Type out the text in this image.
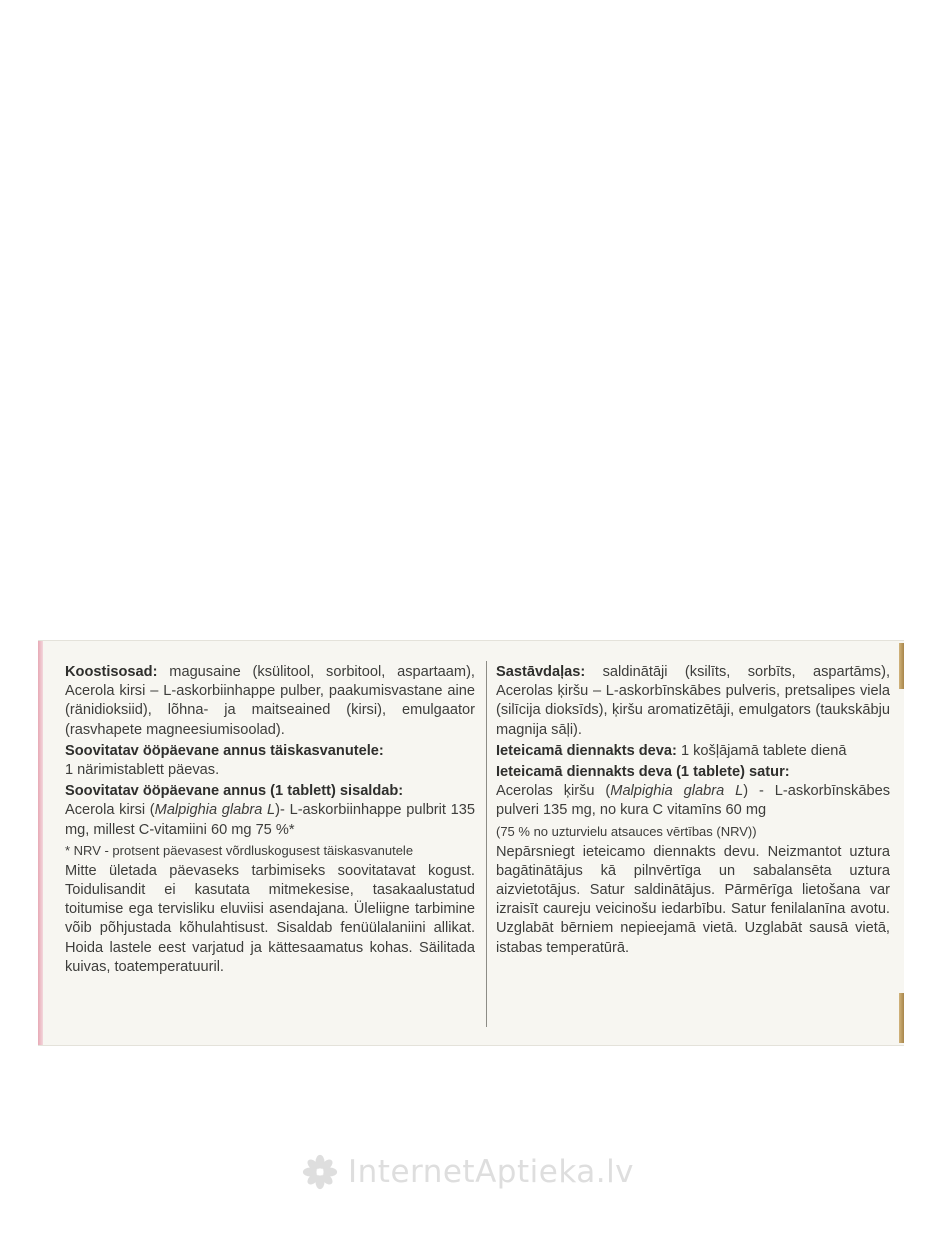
Koostisosad: magusaine (ksülitool, sorbitool, aspartaam), Acerola kirsi – L-askorbiinhappe pulber, paakumisvastane aine (ränidioksiid), lõhna- ja maitseained (kirsi), emulgaator (rasvhapete magneesiumisoolad).

Soovitatav ööpäevane annus täiskasvanutele:
1 närimistablett päevas.

Soovitatav ööpäevane annus (1 tablett) sisaldab:
Acerola kirsi (Malpighia glabra L)- L-askorbiinhappe pulbrit 135 mg, millest C-vitamiini 60 mg 75 %*

* NRV - protsent päevasest võrdluskogusest täiskasvanutele

Mitte ületada päevaseks tarbimiseks soovitatavat kogust. Toidulisandit ei kasutata mitmekesise, tasakaalustatud toitumise ega tervisliku eluviisi asendajana. Üleliigne tarbimine võib põhjustada kõhulahtisust. Sisaldab fenüülalaniini allikat. Hoida lastele eest varjatud ja kättesaamatus kohas. Säilitada kuivas, toatemperatuuril.

Sastāvdaļas: saldinātāji (ksilīts, sorbīts, aspartāms), Acerolas ķiršu – L-askorbīnskābes pulveris, pretsalipes viela (silīcija dioksīds), ķiršu aromatizētāji, emulgators (taukskābju magnija sāļi).

Ieteicamā diennakts deva: 1 košļājamā tablete dienā

Ieteicamā diennakts deva (1 tablete) satur:
Acerolas ķiršu (Malpighia glabra L) - L-askorbīnskābes pulveri 135 mg, no kura C vitamīns 60 mg

(75 % no uzturvielu atsauces vērtības (NRV))

Nepārsniegt ieteicamo diennakts devu. Neizmantot uztura bagātinātājus kā pilnvērtīga un sabalansēta uztura aizvietotājus. Satur saldinātājus. Pārmērīga lietošana var izraisīt caureju veicinošu iedarbību. Satur fenilalanīna avotu. Uzglabāt bērniem nepieejamā vietā. Uzglabāt sausā vietā, istabas temperatūrā.

InternetAptieka.lv
